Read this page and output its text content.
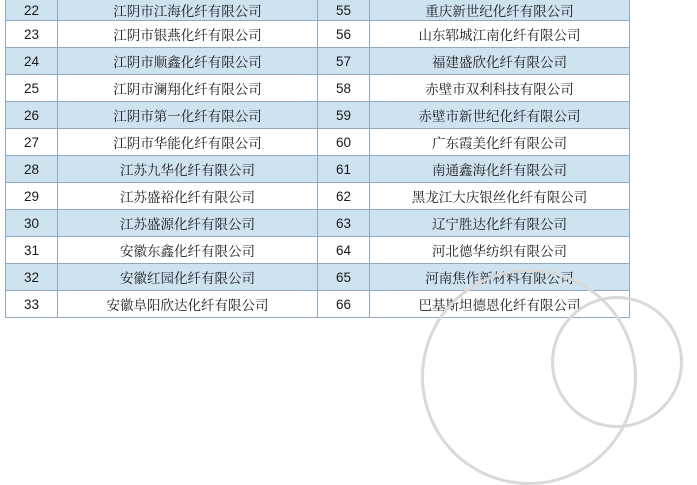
22	江阴市江海化纤有限公司	55	重庆新世纪化纤有限公司
23	江阴市银燕化纤有限公司	56	山东郓城江南化纤有限公司
24	江阴市顺鑫化纤有限公司	57	福建盛欣化纤有限公司
25	江阴市澜翔化纤有限公司	58	赤壁市双利科技有限公司
26	江阴市第一化纤有限公司	59	赤壁市新世纪化纤有限公司
27	江阴市华能化纤有限公司	60	广东霞美化纤有限公司
28	江苏九华化纤有限公司	61	南通鑫海化纤有限公司
29	江苏盛裕化纤有限公司	62	黑龙江大庆银丝化纤有限公司
30	江苏盛源化纤有限公司	63	辽宁胜达化纤有限公司
31	安徽东鑫化纤有限公司	64	河北德华纺织有限公司
32	安徽红园化纤有限公司	65	河南焦作新材料有限公司
33	安徽阜阳欣达化纤有限公司	66	巴基斯坦德恩化纤有限公司
